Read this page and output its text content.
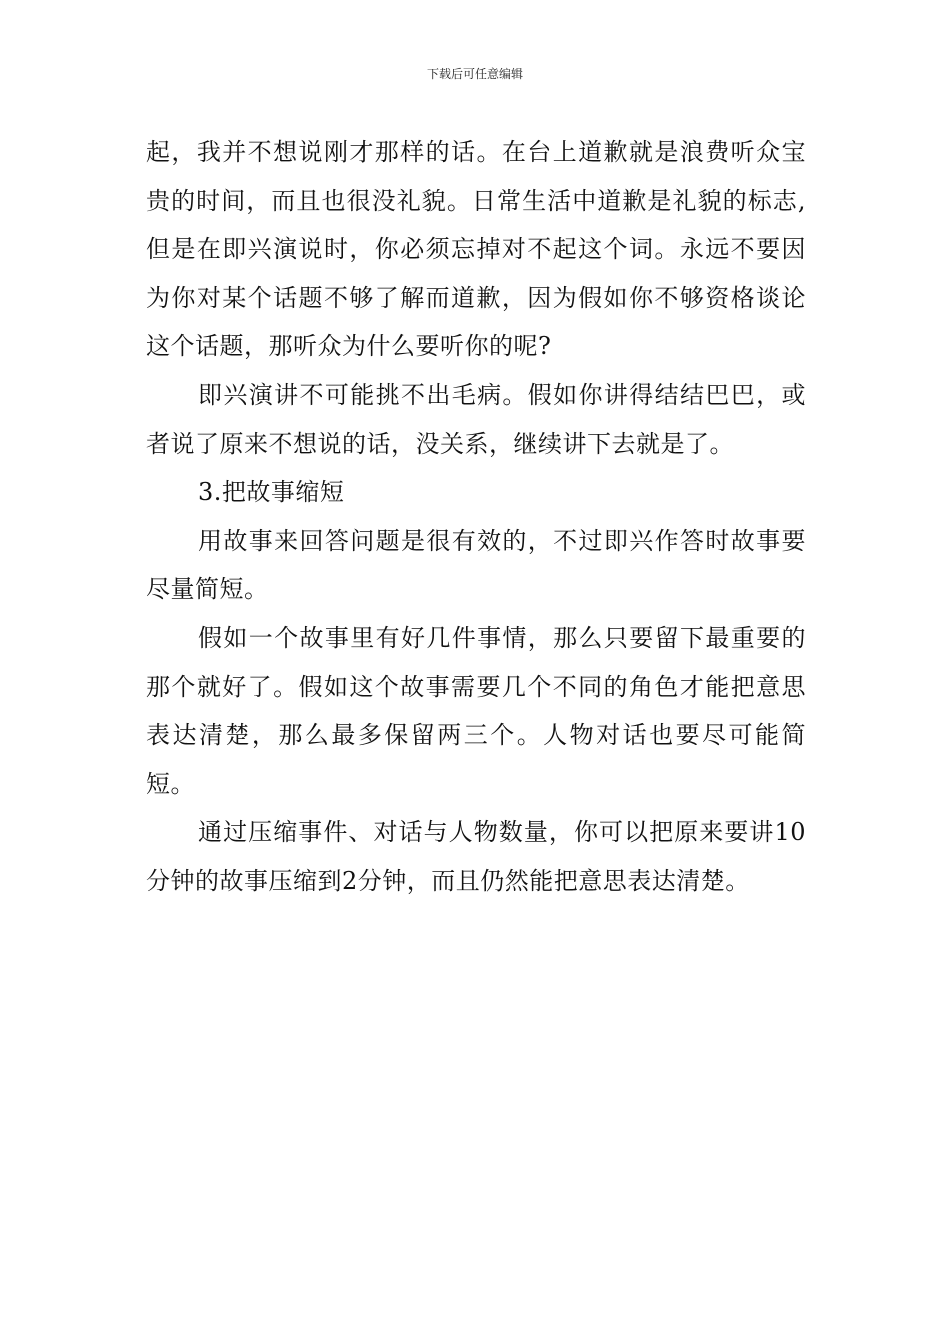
下载后可任意编辑

起，我并不想说刚才那样的话。在台上道歉就是浪费听众宝贵的时间，而且也很没礼貌。日常生活中道歉是礼貌的标志,但是在即兴演说时，你必须忘掉对不起这个词。永远不要因为你对某个话题不够了解而道歉，因为假如你不够资格谈论这个话题，那听众为什么要听你的呢?

即兴演讲不可能挑不出毛病。假如你讲得结结巴巴，或者说了原来不想说的话，没关系，继续讲下去就是了。

3.把故事缩短

用故事来回答问题是很有效的，不过即兴作答时故事要尽量简短。

假如一个故事里有好几件事情，那么只要留下最重要的那个就好了。假如这个故事需要几个不同的角色才能把意思表达清楚，那么最多保留两三个。人物对话也要尽可能简短。

通过压缩事件、对话与人物数量，你可以把原来要讲10分钟的故事压缩到2分钟，而且仍然能把意思表达清楚。
